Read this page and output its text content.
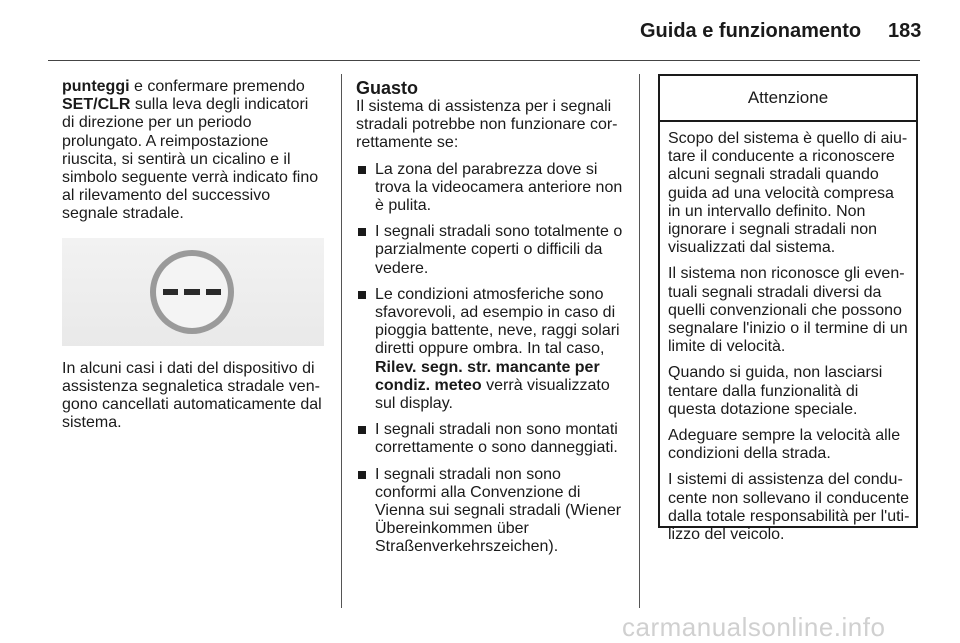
Guida e funzionamento 183

punteggi e confermare premendo SET/CLR sulla leva degli indicatori di direzione per un periodo prolungato. A reimpostazione riuscita, si sentirà un cicalino e il simbolo seguente verrà indicato fino al rilevamento del successivo segnale stradale.

In alcuni casi i dati del dispositivo di assistenza segnaletica stradale vengono cancellati automaticamente dal sistema.

Guasto

Il sistema di assistenza per i segnali stradali potrebbe non funzionare correttamente se:

La zona del parabrezza dove si trova la videocamera anteriore non è pulita.
I segnali stradali sono totalmente o parzialmente coperti o difficili da vedere.
Le condizioni atmosferiche sono sfavorevoli, ad esempio in caso di pioggia battente, neve, raggi solari diretti oppure ombra. In tal caso, Rilev. segn. str. mancante per condiz. meteo verrà visualizzato sul display.
I segnali stradali non sono montati correttamente o sono danneggiati.
I segnali stradali non sono conformi alla Convenzione di Vienna sui segnali stradali (Wiener Übereinkommen über Straßenverkehrszeichen).
Attenzione

Scopo del sistema è quello di aiutare il conducente a riconoscere alcuni segnali stradali quando guida ad una velocità compresa in un intervallo definito. Non ignorare i segnali stradali non visualizzati dal sistema.

Il sistema non riconosce gli eventuali segnali stradali diversi da quelli convenzionali che possono segnalare l'inizio o il termine di un limite di velocità.

Quando si guida, non lasciarsi tentare dalla funzionalità di questa dotazione speciale.

Adeguare sempre la velocità alle condizioni della strada.

I sistemi di assistenza del conducente non sollevano il conducente dalla totale responsabilità per l'utilizzo del veicolo.

carmanualsonline.info
